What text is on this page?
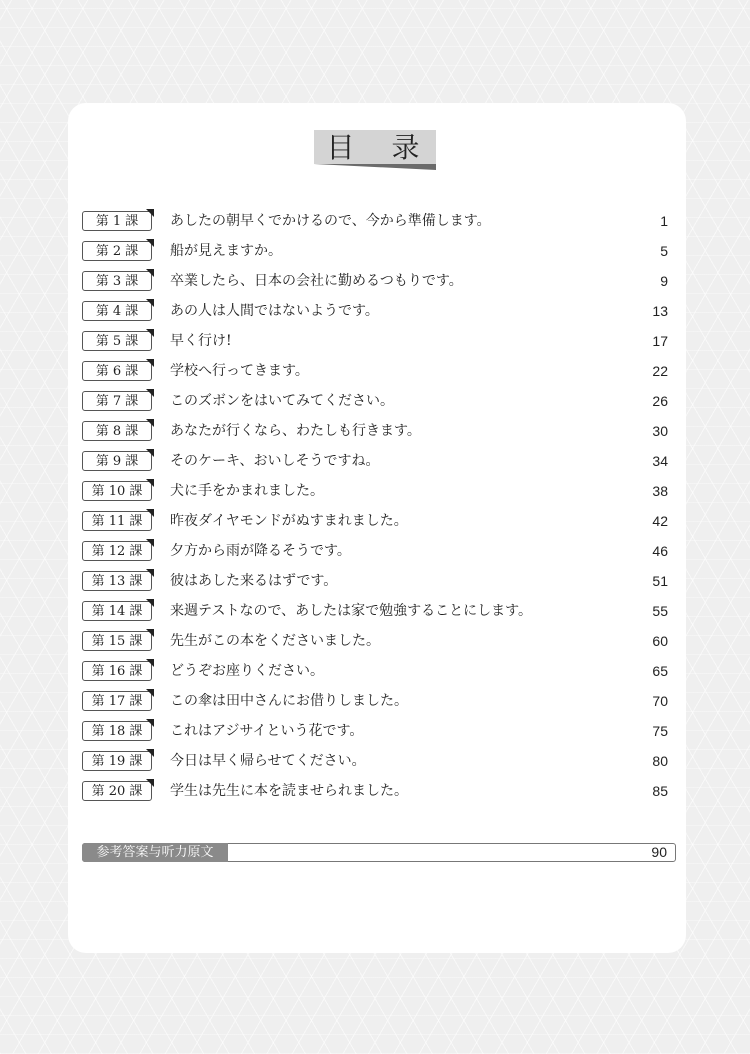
目 录
第 1 課	あしたの朝早くでかけるので、今から準備します。	1
第 2 課	船が見えますか。	5
第 3 課	卒業したら、日本の会社に勤めるつもりです。	9
第 4 課	あの人は人間ではないようです。	13
第 5 課	早く行け!	17
第 6 課	学校へ行ってきます。	22
第 7 課	このズボンをはいてみてください。	26
第 8 課	あなたが行くなら、わたしも行きます。	30
第 9 課	そのケーキ、おいしそうですね。	34
第 10 課	犬に手をかまれました。	38
第 11 課	昨夜ダイヤモンドがぬすまれました。	42
第 12 課	夕方から雨が降るそうです。	46
第 13 課	彼はあした来るはずです。	51
第 14 課	来週テストなので、あしたは家で勉強することにします。	55
第 15 課	先生がこの本をくださいました。	60
第 16 課	どうぞお座りください。	65
第 17 課	この傘は田中さんにお借りしました。	70
第 18 課	これはアジサイという花です。	75
第 19 課	今日は早く帰らせてください。	80
第 20 課	学生は先生に本を読ませられました。	85
参考答案与听力原文	90
